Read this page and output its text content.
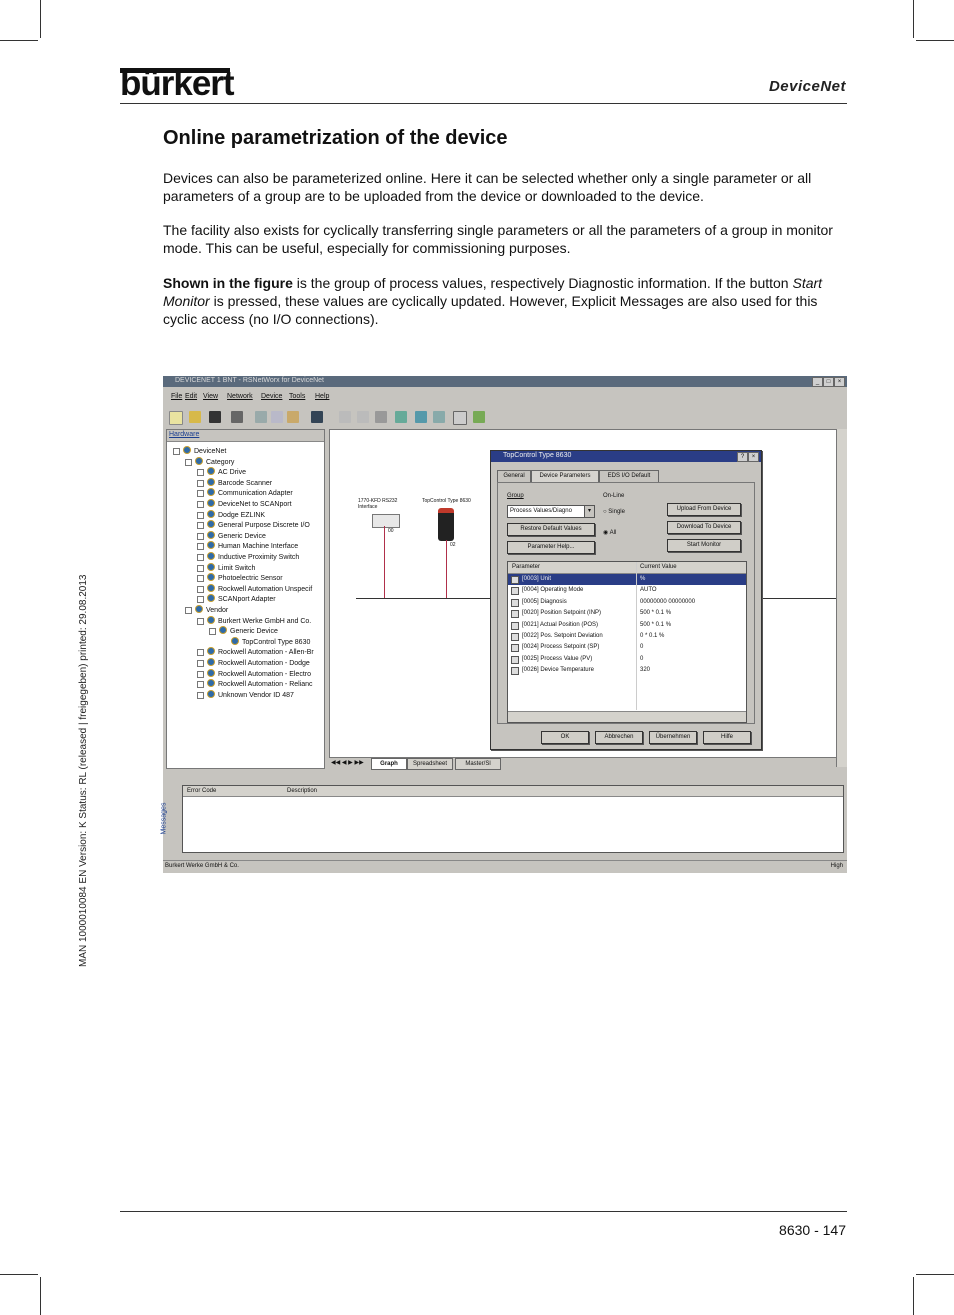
bürkert	DeviceNet
Online parametrization of the device

Devices can also be parameterized online. Here it can be selected whether only a single parameter or all parameters of a group are to be uploaded from the device or downloaded to the device.

The facility also exists for cyclically transferring single parameters or all the parameters of a group in monitor mode. This can be useful, especially for commissioning purposes.

Shown in the figure is the group of process values, respectively Diagnostic information. If the button Start Monitor is pressed, these values are cyclically updated. However, Explicit Messages are also used for this cyclic access (no I/O connections).

MAN 1000010084 EN Version: K Status: RL (released | freigegeben) printed: 29.08.2013
DEVICENET 1 BNT - RSNetWorx for DeviceNet	_	□	×
File Edit View Network Device Tools Help
Hardware
DeviceNet
Category
AC Drive
Barcode Scanner
Communication Adapter
DeviceNet to SCANport
Dodge EZLINK
General Purpose Discrete I/O
Generic Device
Human Machine Interface
Inductive Proximity Switch
Limit Switch
Photoelectric Sensor
Rockwell Automation Unspecif
SCANport Adapter
Vendor
Burkert Werke GmbH and Co.
Generic Device
TopControl Type 8630
Rockwell Automation - Allen-Br
Rockwell Automation - Dodge
Rockwell Automation - Electro
Rockwell Automation - Relianc
Unknown Vendor ID 487
1770-KFD RS232 Interface
00
TopControl Type 8630
02
TopControl Type 8630	?	×
General	Device Parameters	EDS I/O Default
Group
Process Values/Diagno	▾
Restore Default Values
Parameter Help...
On-Line
○ Single
◉ All
Upload From Device
Download To Device
Start Monitor
Parameter	Current Value
[0003] Unit	%
[0004] Operating Mode	AUTO
[0005] Diagnosis	00000000 00000000
[0020] Position Setpoint (INP)	500 * 0.1 %
[0021] Actual Position (POS)	500 * 0.1 %
[0022] Pos. Setpoint Deviation	0 * 0.1 %
[0024] Process Setpoint (SP)	0
[0025] Process Value (PV)	0
[0026] Device Temperature	320
OK	Abbrechen	Übernehmen	Hilfe
◀◀ ◀ ▶ ▶▶	Graph	Spreadsheet	Master/Sl
Messages
Error Code	Description
Burkert Werke GmbH & Co.	High
8630 - 147
